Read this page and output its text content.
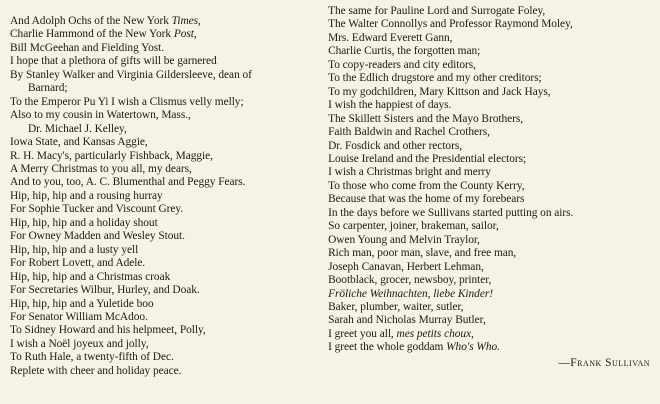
And Adolph Ochs of the New York Times,
Charlie Hammond of the New York Post,
Bill McGeehan and Fielding Yost.
I hope that a plethora of gifts will be garnered
By Stanley Walker and Virginia Gildersleeve, dean of
Barnard;
To the Emperor Pu Yi I wish a Clismus velly melly;
Also to my cousin in Watertown, Mass.,
Dr. Michael J. Kelley,
Iowa State, and Kansas Aggie,
R. H. Macy's, particularly Fishback, Maggie,
A Merry Christmas to you all, my dears,
And to you, too, A. C. Blumenthal and Peggy Fears.
Hip, hip, hip and a rousing hurray
For Sophie Tucker and Viscount Grey.
Hip, hip, hip and a holiday shout
For Owney Madden and Wesley Stout.
Hip, hip, hip and a lusty yell
For Robert Lovett, and Adele.
Hip, hip, hip and a Christmas croak
For Secretaries Wilbur, Hurley, and Doak.
Hip, hip, hip and a Yuletide boo
For Senator William McAdoo.
To Sidney Howard and his helpmeet, Polly,
I wish a Noël joyeux and jolly,
To Ruth Hale, a twenty-fifth of Dec.
Replete with cheer and holiday peace.
The same for Pauline Lord and Surrogate Foley,
The Walter Connollys and Professor Raymond Moley,
Mrs. Edward Everett Gann,
Charlie Curtis, the forgotten man;
To copy-readers and city editors,
To the Edlich drugstore and my other creditors;
To my godchildren, Mary Kittson and Jack Hays,
I wish the happiest of days.
The Skillett Sisters and the Mayo Brothers,
Faith Baldwin and Rachel Crothers,
Dr. Fosdick and other rectors,
Louise Ireland and the Presidential electors;
I wish a Christmas bright and merry
To those who come from the County Kerry,
Because that was the home of my forebears
In the days before we Sullivans started putting on airs.
So carpenter, joiner, brakeman, sailor,
Owen Young and Melvin Traylor,
Rich man, poor man, slave, and free man,
Joseph Canavan, Herbert Lehman,
Bootblack, grocer, newsboy, printer,
Fröliche Weihnachten, liebe Kinder!
Baker, plumber, waiter, sutler,
Sarah and Nicholas Murray Butler,
I greet you all, mes petits choux,
I greet the whole goddam Who's Who.
—Frank Sullivan
